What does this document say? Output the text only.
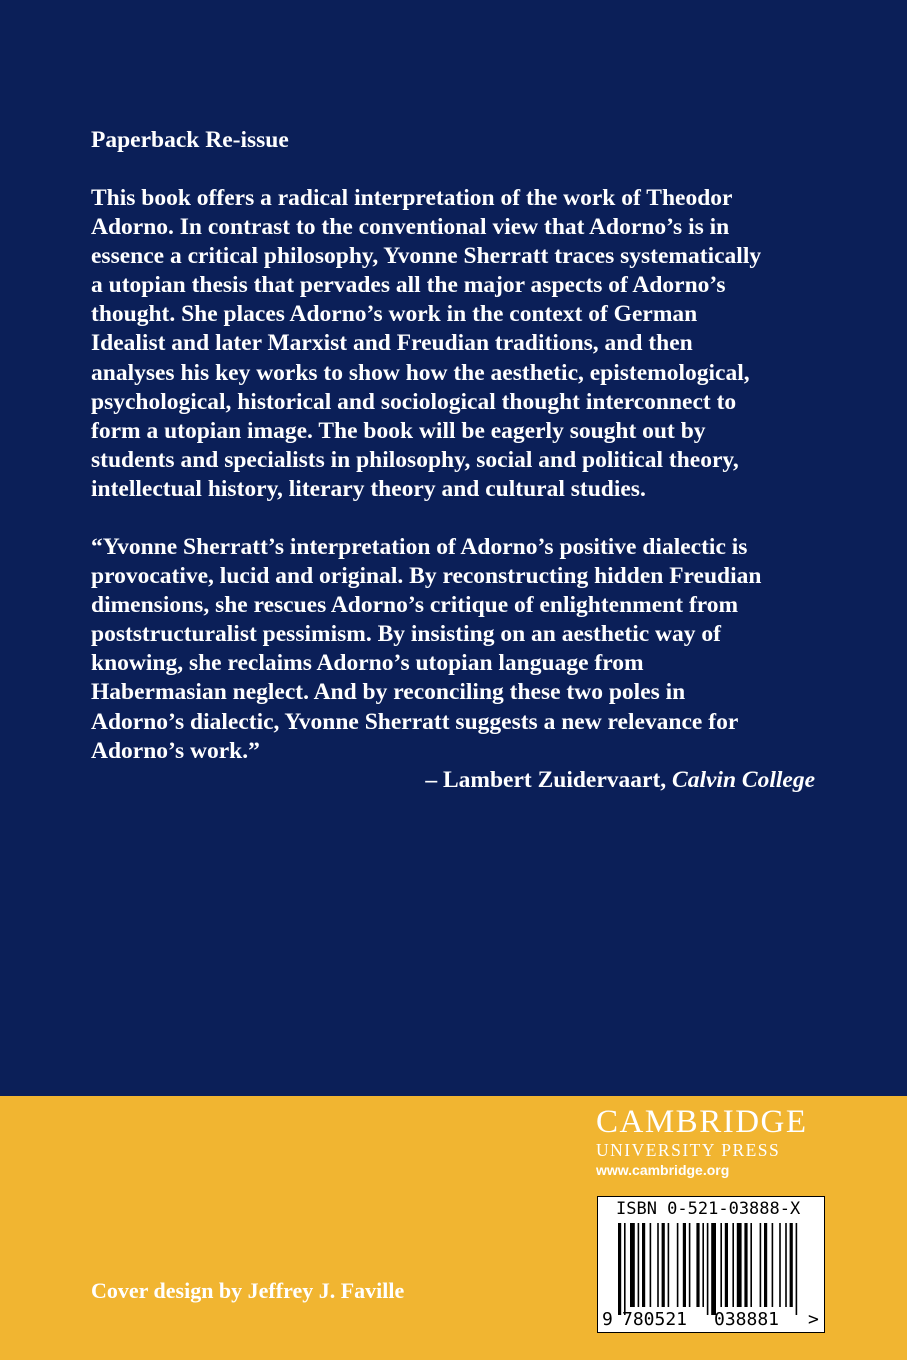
Paperback Re-issue
This book offers a radical interpretation of the work of Theodor
Adorno. In contrast to the conventional view that Adorno’s is in
essence a critical philosophy, Yvonne Sherratt traces systematically
a utopian thesis that pervades all the major aspects of Adorno’s
thought. She places Adorno’s work in the context of German
Idealist and later Marxist and Freudian traditions, and then
analyses his key works to show how the aesthetic, epistemological,
psychological, historical and sociological thought interconnect to
form a utopian image. The book will be eagerly sought out by
students and specialists in philosophy, social and political theory,
intellectual history, literary theory and cultural studies.
“Yvonne Sherratt’s interpretation of Adorno’s positive dialectic is
provocative, lucid and original. By reconstructing hidden Freudian
dimensions, she rescues Adorno’s critique of enlightenment from
poststructuralist pessimism. By insisting on an aesthetic way of
knowing, she reclaims Adorno’s utopian language from
Habermasian neglect. And by reconciling these two poles in
Adorno’s dialectic, Yvonne Sherratt suggests a new relevance for
Adorno’s work.”
– Lambert Zuidervaart, Calvin College
CAMBRIDGE
UNIVERSITY PRESS
www.cambridge.org
ISBN 0-521-03888-X
9 780521 038881 >
Cover design by Jeffrey J. Faville
